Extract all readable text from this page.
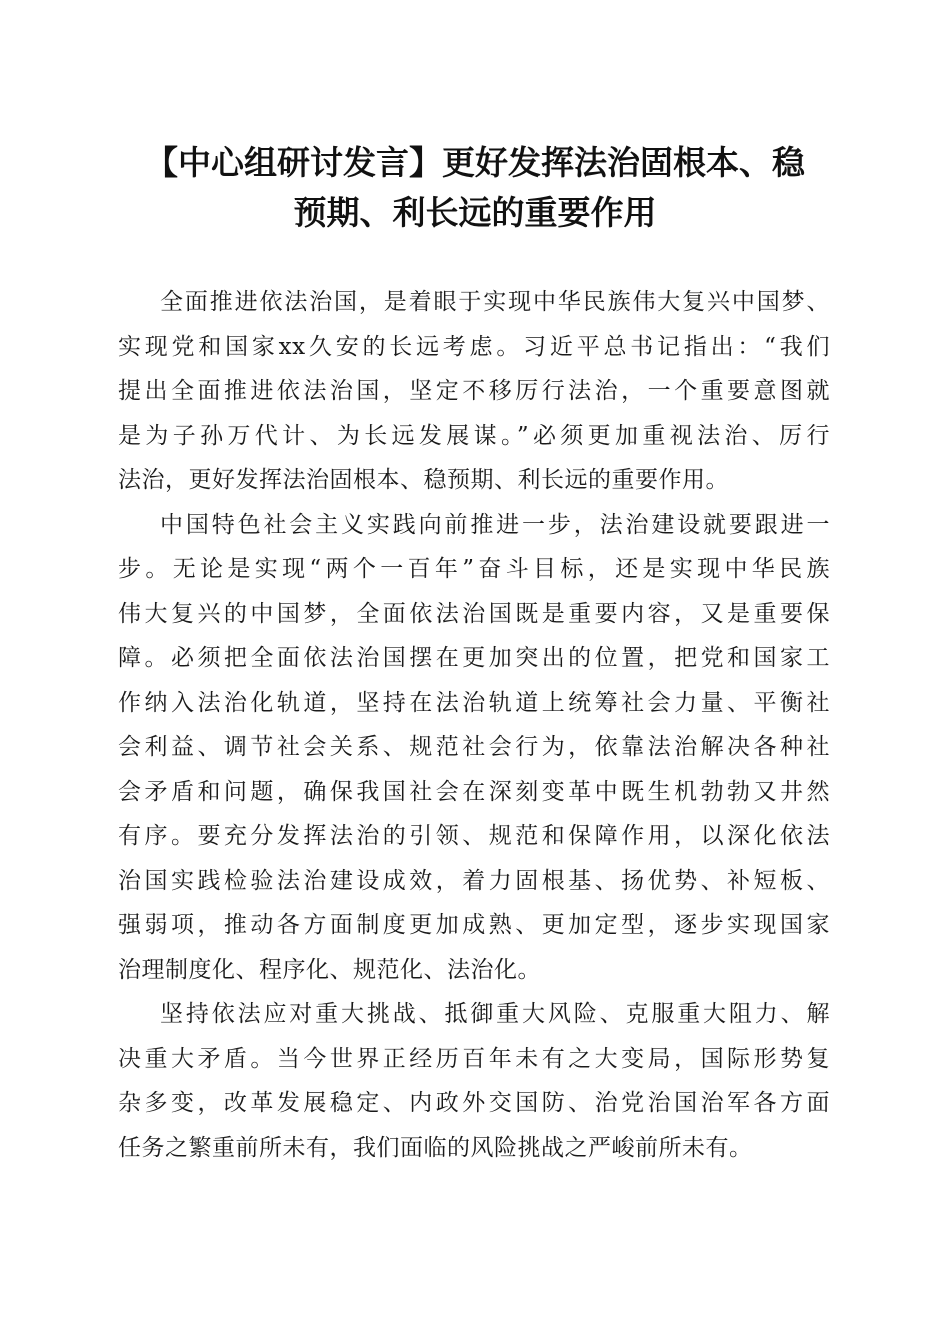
【中心组研讨发言】更好发挥法治固根本、稳
预期、利长远的重要作用

全面推进依法治国，是着眼于实现中华民族伟大复兴中国梦、
实现党和国家xx久安的长远考虑。习近平总书记指出：“我们
提出全面推进依法治国，坚定不移厉行法治，一个重要意图就
是为子孙万代计、为长远发展谋。”必须更加重视法治、厉行
法治，更好发挥法治固根本、稳预期、利长远的重要作用。

中国特色社会主义实践向前推进一步，法治建设就要跟进一
步。无论是实现“两个一百年”奋斗目标，还是实现中华民族
伟大复兴的中国梦，全面依法治国既是重要内容，又是重要保
障。必须把全面依法治国摆在更加突出的位置，把党和国家工
作纳入法治化轨道，坚持在法治轨道上统筹社会力量、平衡社
会利益、调节社会关系、规范社会行为，依靠法治解决各种社
会矛盾和问题，确保我国社会在深刻变革中既生机勃勃又井然
有序。要充分发挥法治的引领、规范和保障作用，以深化依法
治国实践检验法治建设成效，着力固根基、扬优势、补短板、
强弱项，推动各方面制度更加成熟、更加定型，逐步实现国家
治理制度化、程序化、规范化、法治化。

坚持依法应对重大挑战、抵御重大风险、克服重大阻力、解
决重大矛盾。当今世界正经历百年未有之大变局，国际形势复
杂多变，改革发展稳定、内政外交国防、治党治国治军各方面
任务之繁重前所未有，我们面临的风险挑战之严峻前所未有。
